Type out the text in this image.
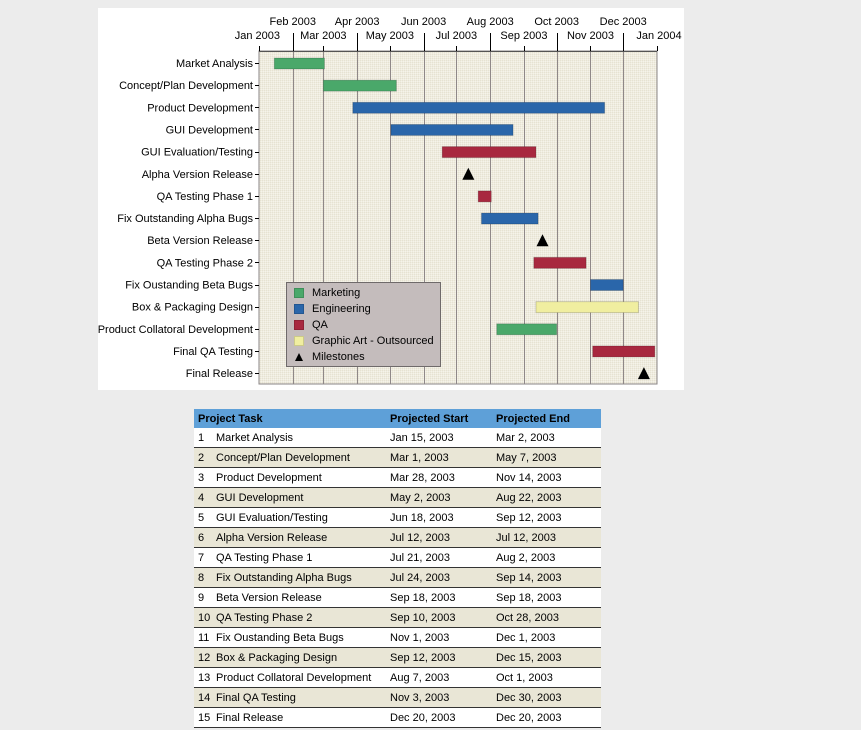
Jan 2003 Mar 2003 May 2003 Jul 2003 Sep 2003 Nov 2003 Jan 2004
Feb 2003 Apr 2003 Jun 2003 Aug 2003 Oct 2003 Dec 2003
Market Analysis
Concept/Plan Development
Product Development
GUI Development
GUI Evaluation/Testing
Alpha Version Release
QA Testing Phase 1
Fix Outstanding Alpha Bugs
Beta Version Release
QA Testing Phase 2
Fix Oustanding Beta Bugs
Box & Packaging Design
Product Collatoral Development
Final QA Testing
Final Release
Marketing
Engineering
QA
Graphic Art - Outsourced
Milestones
Project Task		Projected Start	Projected End
1	Market Analysis	Jan 15, 2003	Mar 2, 2003
2	Concept/Plan Development	Mar 1, 2003	May 7, 2003
3	Product Development	Mar 28, 2003	Nov 14, 2003
4	GUI Development	May 2, 2003	Aug 22, 2003
5	GUI Evaluation/Testing	Jun 18, 2003	Sep 12, 2003
6	Alpha Version Release	Jul 12, 2003	Jul 12, 2003
7	QA Testing Phase 1	Jul 21, 2003	Aug 2, 2003
8	Fix Outstanding Alpha Bugs	Jul 24, 2003	Sep 14, 2003
9	Beta Version Release	Sep 18, 2003	Sep 18, 2003
10	QA Testing Phase 2	Sep 10, 2003	Oct 28, 2003
11	Fix Oustanding Beta Bugs	Nov 1, 2003	Dec 1, 2003
12	Box & Packaging Design	Sep 12, 2003	Dec 15, 2003
13	Product Collatoral Development	Aug 7, 2003	Oct 1, 2003
14	Final QA Testing	Nov 3, 2003	Dec 30, 2003
15	Final Release	Dec 20, 2003	Dec 20, 2003
